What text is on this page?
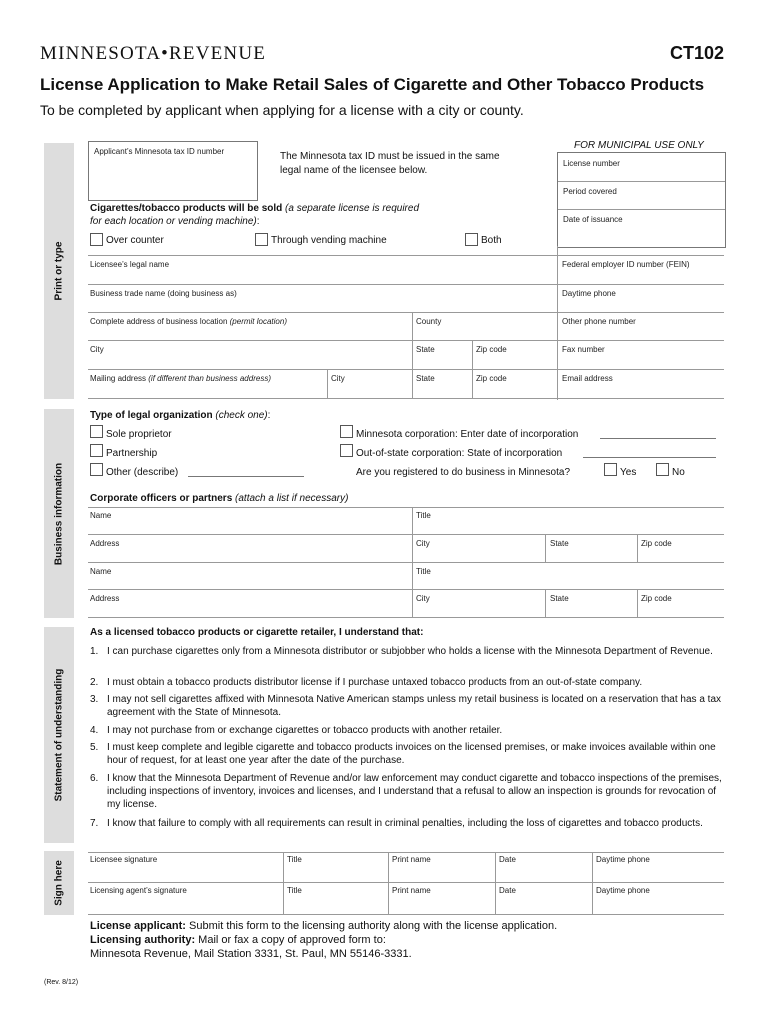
MINNESOTA•REVENUE	CT102
License Application to Make Retail Sales of Cigarette and Other Tobacco Products
To be completed by applicant when applying for a license with a city or county.
Print or type
Business information
Statement of understanding
Sign here
Applicant’s Minnesota tax ID number	The Minnesota tax ID must be issued in the same
legal name of the licensee below.
Cigarettes/tobacco products will be sold (a separate license is required
for each location or vending machine):
Over counter	Through vending machine	Both
FOR MUNICIPAL USE ONLY
License number
Period covered
Date of issuance
Licensee’s legal name	Federal employer ID number (FEIN)
Business trade name (doing business as)	Daytime phone
Complete address of business location (permit location)	County	Other phone number
City	State	Zip code	Fax number
Mailing address (if different than business address)	City	State	Zip code	Email address
Type of legal organization (check one):
Sole proprietor
Partnership
Other (describe)
Minnesota corporation: Enter date of incorporation
Out-of-state corporation: State of incorporation
Are you registered to do business in Minnesota?	Yes	No
Corporate officers or partners (attach a list if necessary)
Name	Title
Address	City	State	Zip code
Name	Title
Address	City	State	Zip code
As a licensed tobacco products or cigarette retailer, I understand that:
1. I can purchase cigarettes only from a Minnesota distributor or subjobber who holds a license with the Minnesota Department of Revenue.
2. I must obtain a tobacco products distributor license if I purchase untaxed tobacco products from an out-of-state company.
3. I may not sell cigarettes affixed with Minnesota Native American stamps unless my retail business is located on a reservation that has a tax agreement with the State of Minnesota.
4. I may not purchase from or exchange cigarettes or tobacco products with another retailer.
5. I must keep complete and legible cigarette and tobacco products invoices on the licensed premises, or make invoices available within one hour of request, for at least one year after the date of the purchase.
6. I know that the Minnesota Department of Revenue and/or law enforcement may conduct cigarette and tobacco inspections of the premises, including inspections of inventory, invoices and licenses, and I understand that a refusal to allow an inspection is grounds for revocation of my license.
7. I know that failure to comply with all requirements can result in criminal penalties, including the loss of cigarettes and tobacco products.
Licensee signature	Title	Print name	Date	Daytime phone
Licensing agent’s signature	Title	Print name	Date	Daytime phone
License applicant: Submit this form to the licensing authority along with the license application.
Licensing authority: Mail or fax a copy of approved form to:
Minnesota Revenue, Mail Station 3331, St. Paul, MN 55146-3331.
(Rev. 8/12)
